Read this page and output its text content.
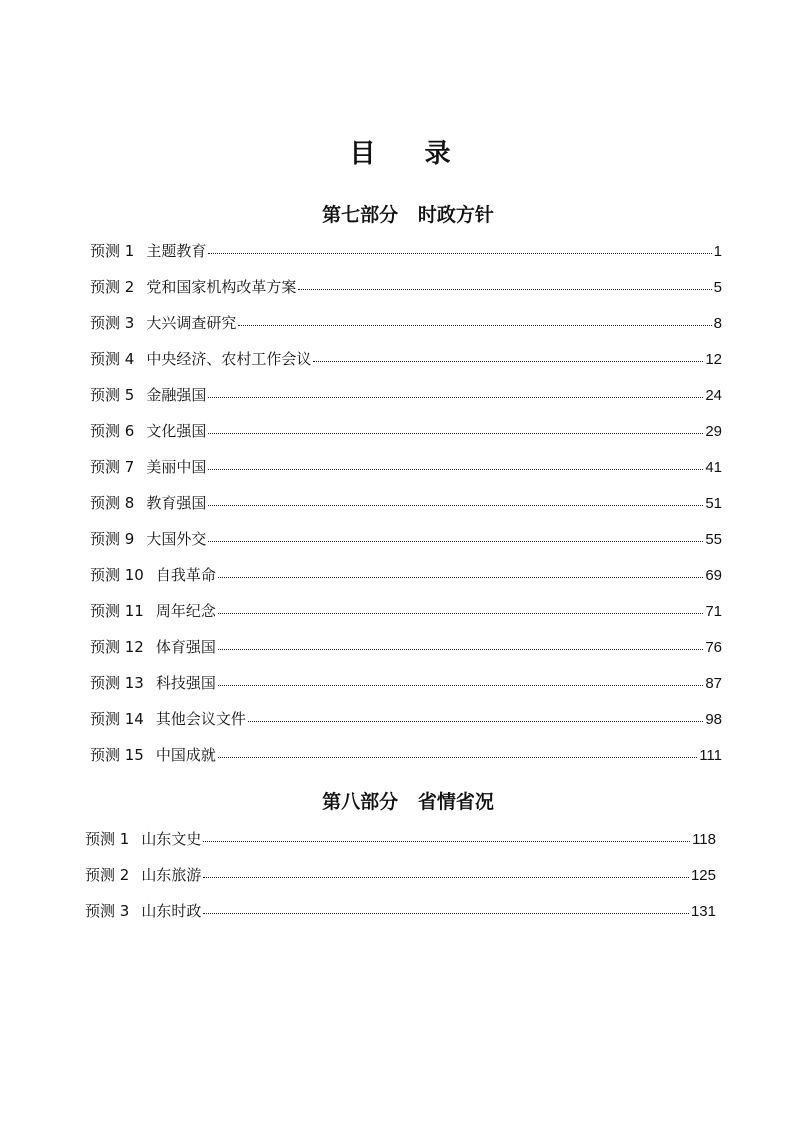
目 录
第七部分   时政方针
预测 1 主题教育	1
预测 2 党和国家机构改革方案	5
预测 3 大兴调查研究	8
预测 4 中央经济、农村工作会议	12
预测 5 金融强国	24
预测 6 文化强国	29
预测 7 美丽中国	41
预测 8 教育强国	51
预测 9 大国外交	55
预测 10 自我革命	69
预测 11 周年纪念	71
预测 12 体育强国	76
预测 13 科技强国	87
预测 14 其他会议文件	98
预测 15 中国成就	111
第八部分   省情省况
预测 1 山东文史	118
预测 2 山东旅游	125
预测 3 山东时政	131
